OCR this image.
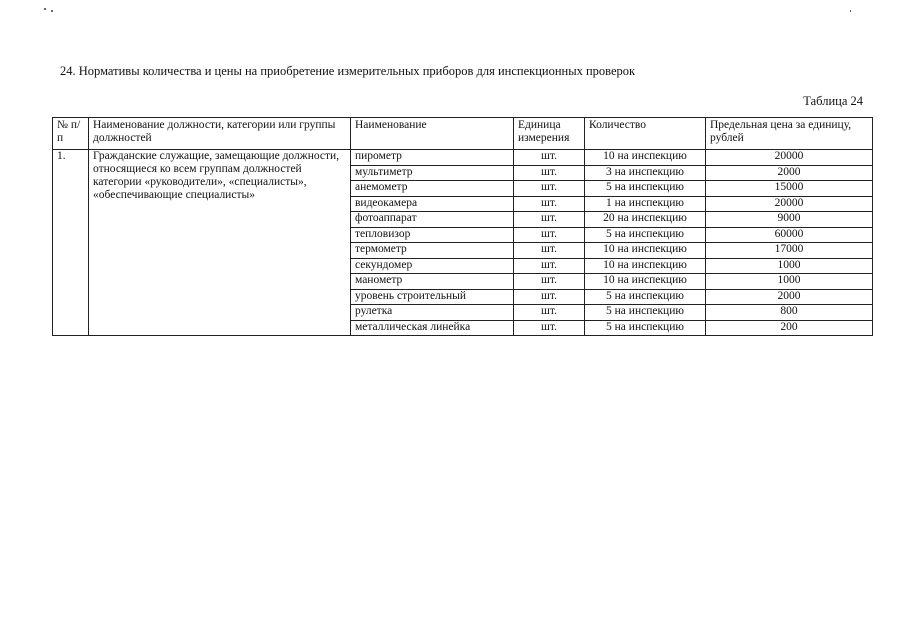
24. Нормативы количества и цены на приобретение измерительных приборов для инспекционных проверок
Таблица 24
№ п/п	Наименование должности, категории или группы должностей	Наименование	Единица измерения	Количество	Предельная цена за единицу, рублей
1.	Гражданские служащие, замещающие должности, относящиеся ко всем группам должностей категории «руководители», «специалисты», «обеспечивающие специалисты»	пирометр	шт.	10 на инспекцию	20000
		мультиметр	шт.	3 на инспекцию	2000
		анемометр	шт.	5 на инспекцию	15000
		видеокамера	шт.	1 на инспекцию	20000
		фотоаппарат	шт.	20 на инспекцию	9000
		тепловизор	шт.	5 на инспекцию	60000
		термометр	шт.	10 на инспекцию	17000
		секундомер	шт.	10 на инспекцию	1000
		манометр	шт.	10 на инспекцию	1000
		уровень строительный	шт.	5 на инспекцию	2000
		рулетка	шт.	5 на инспекцию	800
		металлическая линейка	шт.	5 на инспекцию	200
